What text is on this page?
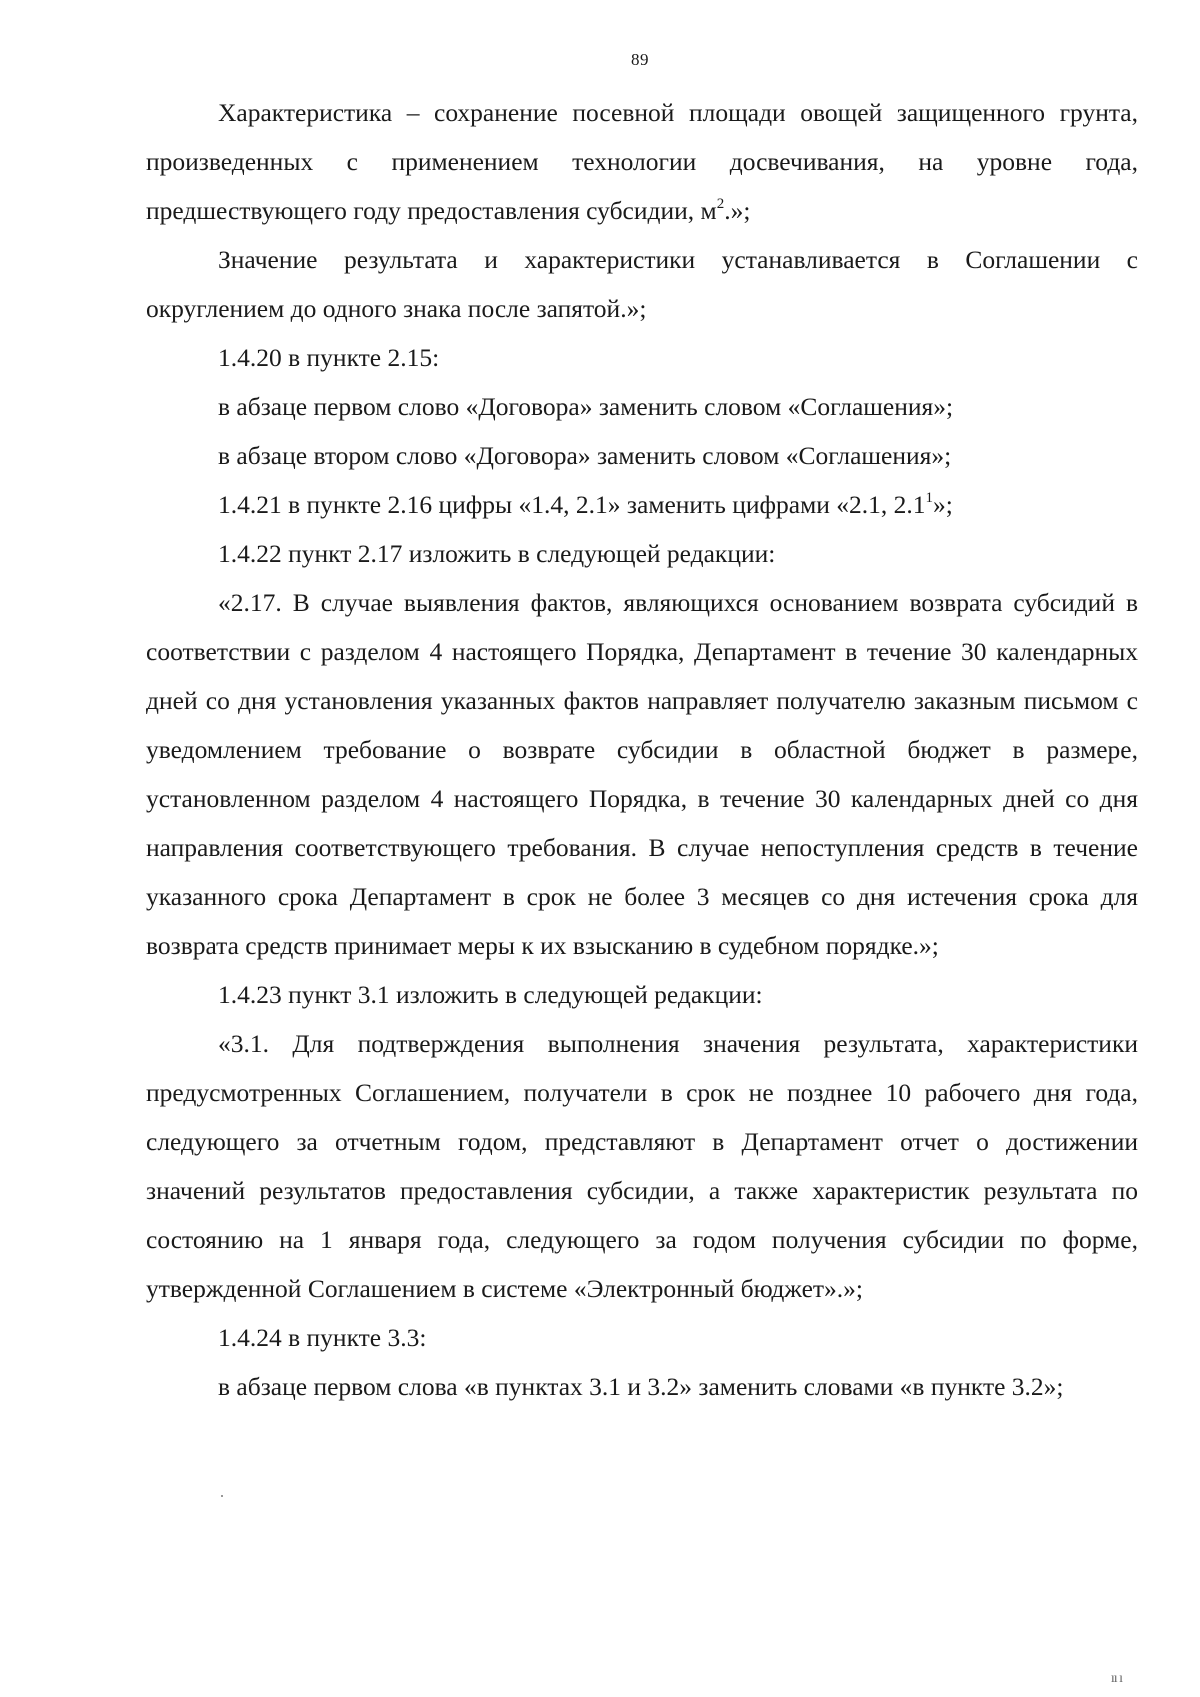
89

Характеристика – сохранение посевной площади овощей защищенного грунта, произведенных с применением технологии досвечивания, на уровне года, предшествующего году предоставления субсидии, $м^2$.»;

Значение результата и характеристики устанавливается в Соглашении с округлением до одного знака после запятой.»;

1.4.20 в пункте 2.15:

в абзаце первом слово «Договора» заменить словом «Соглашения»;

в абзаце втором слово «Договора» заменить словом «Соглашения»;

1.4.21 в пункте 2.16 цифры «1.4, 2.1» заменить цифрами «2.1, $2.1^1$»;

1.4.22 пункт 2.17 изложить в следующей редакции:

«2.17. В случае выявления фактов, являющихся основанием возврата субсидий в соответствии с разделом 4 настоящего Порядка, Департамент в течение 30 календарных дней со дня установления указанных фактов направляет получателю заказным письмом с уведомлением требование о возврате субсидии в областной бюджет в размере, установленном разделом 4 настоящего Порядка, в течение 30 календарных дней со дня направления соответствующего требования. В случае непоступления средств в течение указанного срока Департамент в срок не более 3 месяцев со дня истечения срока для возврата средств принимает меры к их взысканию в судебном порядке.»;

1.4.23 пункт 3.1 изложить в следующей редакции:

«3.1. Для подтверждения выполнения значения результата, характеристики предусмотренных Соглашением, получатели в срок не позднее 10 рабочего дня года, следующего за отчетным годом, представляют в Департамент отчет о достижении значений результатов предоставления субсидии, а также характеристик результата по состоянию на 1 января года, следующего за годом получения субсидии по форме, утвержденной Соглашением в системе «Электронный бюджет».»;

1.4.24 в пункте 3.3:

в абзаце первом слова «в пунктах 3.1 и 3.2» заменить словами «в пункте 3.2»;

ıı ı
